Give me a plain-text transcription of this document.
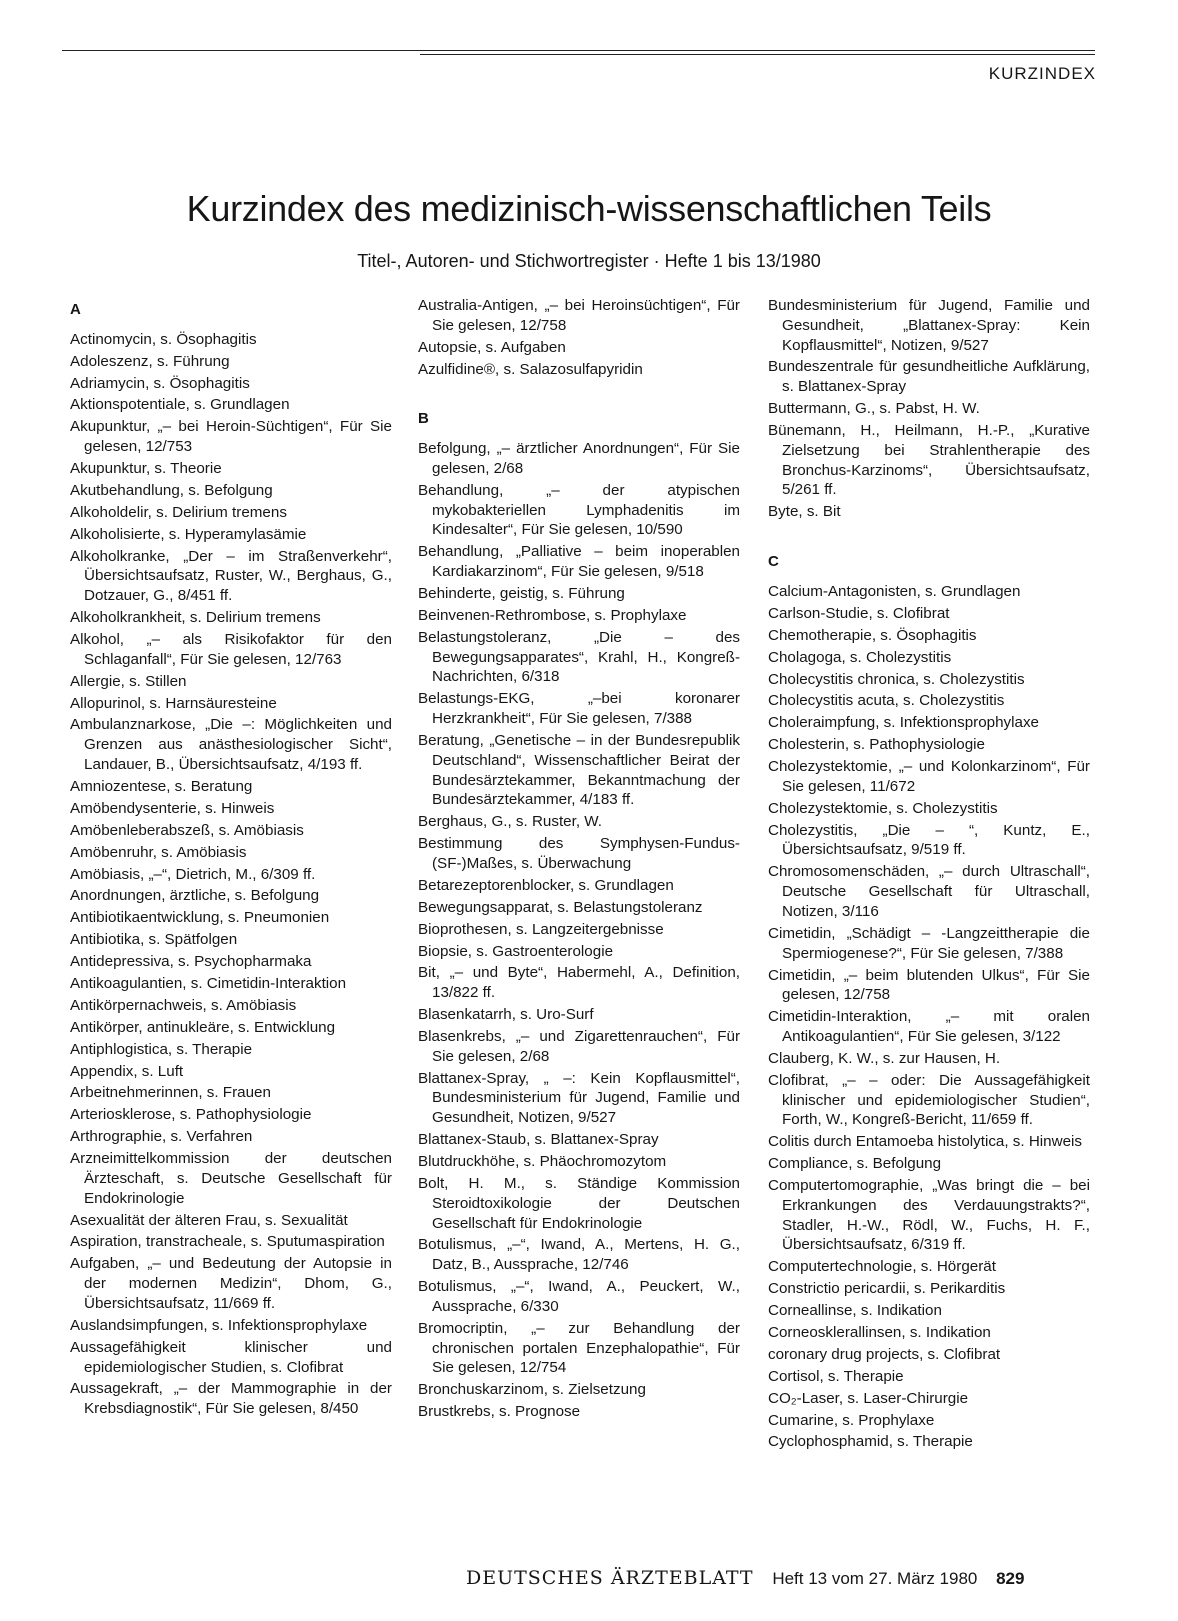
KURZINDEX
Kurzindex des medizinisch-wissenschaftlichen Teils

Titel-, Autoren- und Stichwortregister · Hefte 1 bis 13/1980

A
Actinomycin, s. Ösophagitis
Adoleszenz, s. Führung
Adriamycin, s. Ösophagitis
Aktionspotentiale, s. Grundlagen
Akupunktur, „– bei Heroin-Süchtigen“, Für Sie gelesen, 12/753
Akupunktur, s. Theorie
Akutbehandlung, s. Befolgung
Alkoholdelir, s. Delirium tremens
Alkoholisierte, s. Hyperamylasämie
Alkoholkranke, „Der – im Straßenverkehr“, Übersichtsaufsatz, Ruster, W., Berghaus, G., Dotzauer, G., 8/451 ff.
Alkoholkrankheit, s. Delirium tremens
Alkohol, „– als Risikofaktor für den Schlaganfall“, Für Sie gelesen, 12/763
Allergie, s. Stillen
Allopurinol, s. Harnsäuresteine
Ambulanznarkose, „Die –: Möglichkeiten und Grenzen aus anästhesiologischer Sicht“, Landauer, B., Übersichtsaufsatz, 4/193 ff.
Amniozentese, s. Beratung
Amöbendysenterie, s. Hinweis
Amöbenleberabszeß, s. Amöbiasis
Amöbenruhr, s. Amöbiasis
Amöbiasis, „–“, Dietrich, M., 6/309 ff.
Anordnungen, ärztliche, s. Befolgung
Antibiotikaentwicklung, s. Pneumonien
Antibiotika, s. Spätfolgen
Antidepressiva, s. Psychopharmaka
Antikoagulantien, s. Cimetidin-Interaktion
Antikörpernachweis, s. Amöbiasis
Antikörper, antinukleäre, s. Entwicklung
Antiphlogistica, s. Therapie
Appendix, s. Luft
Arbeitnehmerinnen, s. Frauen
Arteriosklerose, s. Pathophysiologie
Arthrographie, s. Verfahren
Arzneimittelkommission der deutschen Ärzteschaft, s. Deutsche Gesellschaft für Endokrinologie
Asexualität der älteren Frau, s. Sexualität
Aspiration, transtracheale, s. Sputumaspiration
Aufgaben, „– und Bedeutung der Autopsie in der modernen Medizin“, Dhom, G., Übersichtsaufsatz, 11/669 ff.
Auslandsimpfungen, s. Infektionsprophylaxe
Aussagefähigkeit klinischer und epidemiologischer Studien, s. Clofibrat
Aussagekraft, „– der Mammographie in der Krebsdiagnostik“, Für Sie gelesen, 8/450
Australia-Antigen, „– bei Heroinsüchtigen“, Für Sie gelesen, 12/758
Autopsie, s. Aufgaben
Azulfidine®, s. Salazosulfapyridin
B
Befolgung, „– ärztlicher Anordnungen“, Für Sie gelesen, 2/68
Behandlung, „– der atypischen mykobakteriellen Lymphadenitis im Kindesalter“, Für Sie gelesen, 10/590
Behandlung, „Palliative – beim inoperablen Kardiakarzinom“, Für Sie gelesen, 9/518
Behinderte, geistig, s. Führung
Beinvenen-Rethrombose, s. Prophylaxe
Belastungstoleranz, „Die – des Bewegungsapparates“, Krahl, H., Kongreß-Nachrichten, 6/318
Belastungs-EKG, „–bei koronarer Herzkrankheit“, Für Sie gelesen, 7/388
Beratung, „Genetische – in der Bundesrepublik Deutschland“, Wissenschaftlicher Beirat der Bundesärztekammer, Bekanntmachung der Bundesärztekammer, 4/183 ff.
Berghaus, G., s. Ruster, W.
Bestimmung des Symphysen-Fundus-(SF-)Maßes, s. Überwachung
Betarezeptorenblocker, s. Grundlagen
Bewegungsapparat, s. Belastungstoleranz
Bioprothesen, s. Langzeitergebnisse
Biopsie, s. Gastroenterologie
Bit, „– und Byte“, Habermehl, A., Definition, 13/822 ff.
Blasenkatarrh, s. Uro-Surf
Blasenkrebs, „– und Zigarettenrauchen“, Für Sie gelesen, 2/68
Blattanex-Spray, „ –: Kein Kopflausmittel“, Bundesministerium für Jugend, Familie und Gesundheit, Notizen, 9/527
Blattanex-Staub, s. Blattanex-Spray
Blutdruckhöhe, s. Phäochromozytom
Bolt, H. M., s. Ständige Kommission Steroidtoxikologie der Deutschen Gesellschaft für Endokrinologie
Botulismus, „–“, Iwand, A., Mertens, H. G., Datz, B., Aussprache, 12/746
Botulismus, „–“, Iwand, A., Peuckert, W., Aussprache, 6/330
Bromocriptin, „– zur Behandlung der chronischen portalen Enzephalopathie“, Für Sie gelesen, 12/754
Bronchuskarzinom, s. Zielsetzung
Brustkrebs, s. Prognose
Bundesministerium für Jugend, Familie und Gesundheit, „Blattanex-Spray: Kein Kopflausmittel“, Notizen, 9/527
Bundeszentrale für gesundheitliche Aufklärung, s. Blattanex-Spray
Buttermann, G., s. Pabst, H. W.
Bünemann, H., Heilmann, H.-P., „Kurative Zielsetzung bei Strahlentherapie des Bronchus-Karzinoms“, Übersichtsaufsatz, 5/261 ff.
Byte, s. Bit
C
Calcium-Antagonisten, s. Grundlagen
Carlson-Studie, s. Clofibrat
Chemotherapie, s. Ösophagitis
Cholagoga, s. Cholezystitis
Cholecystitis chronica, s. Cholezystitis
Cholecystitis acuta, s. Cholezystitis
Choleraimpfung, s. Infektionsprophylaxe
Cholesterin, s. Pathophysiologie
Cholezystektomie, „– und Kolonkarzinom“, Für Sie gelesen, 11/672
Cholezystektomie, s. Cholezystitis
Cholezystitis, „Die – “, Kuntz, E., Übersichtsaufsatz, 9/519 ff.
Chromosomenschäden, „– durch Ultraschall“, Deutsche Gesellschaft für Ultraschall, Notizen, 3/116
Cimetidin, „Schädigt – -Langzeittherapie die Spermiogenese?“, Für Sie gelesen, 7/388
Cimetidin, „– beim blutenden Ulkus“, Für Sie gelesen, 12/758
Cimetidin-Interaktion, „– mit oralen Antikoagulantien“, Für Sie gelesen, 3/122
Clauberg, K. W., s. zur Hausen, H.
Clofibrat, „– – oder: Die Aussagefähigkeit klinischer und epidemiologischer Studien“, Forth, W., Kongreß-Bericht, 11/659 ff.
Colitis durch Entamoeba histolytica, s. Hinweis
Compliance, s. Befolgung
Computertomographie, „Was bringt die – bei Erkrankungen des Verdauungstrakts?“, Stadler, H.-W., Rödl, W., Fuchs, H. F., Übersichtsaufsatz, 6/319 ff.
Computertechnologie, s. Hörgerät
Constrictio pericardii, s. Perikarditis
Corneallinse, s. Indikation
Corneosklerallinsen, s. Indikation
coronary drug projects, s. Clofibrat
Cortisol, s. Therapie
CO₂-Laser, s. Laser-Chirurgie
Cumarine, s. Prophylaxe
Cyclophosphamid, s. Therapie
DEUTSCHES ÄRZTEBLATT Heft 13 vom 27. März 1980 829
